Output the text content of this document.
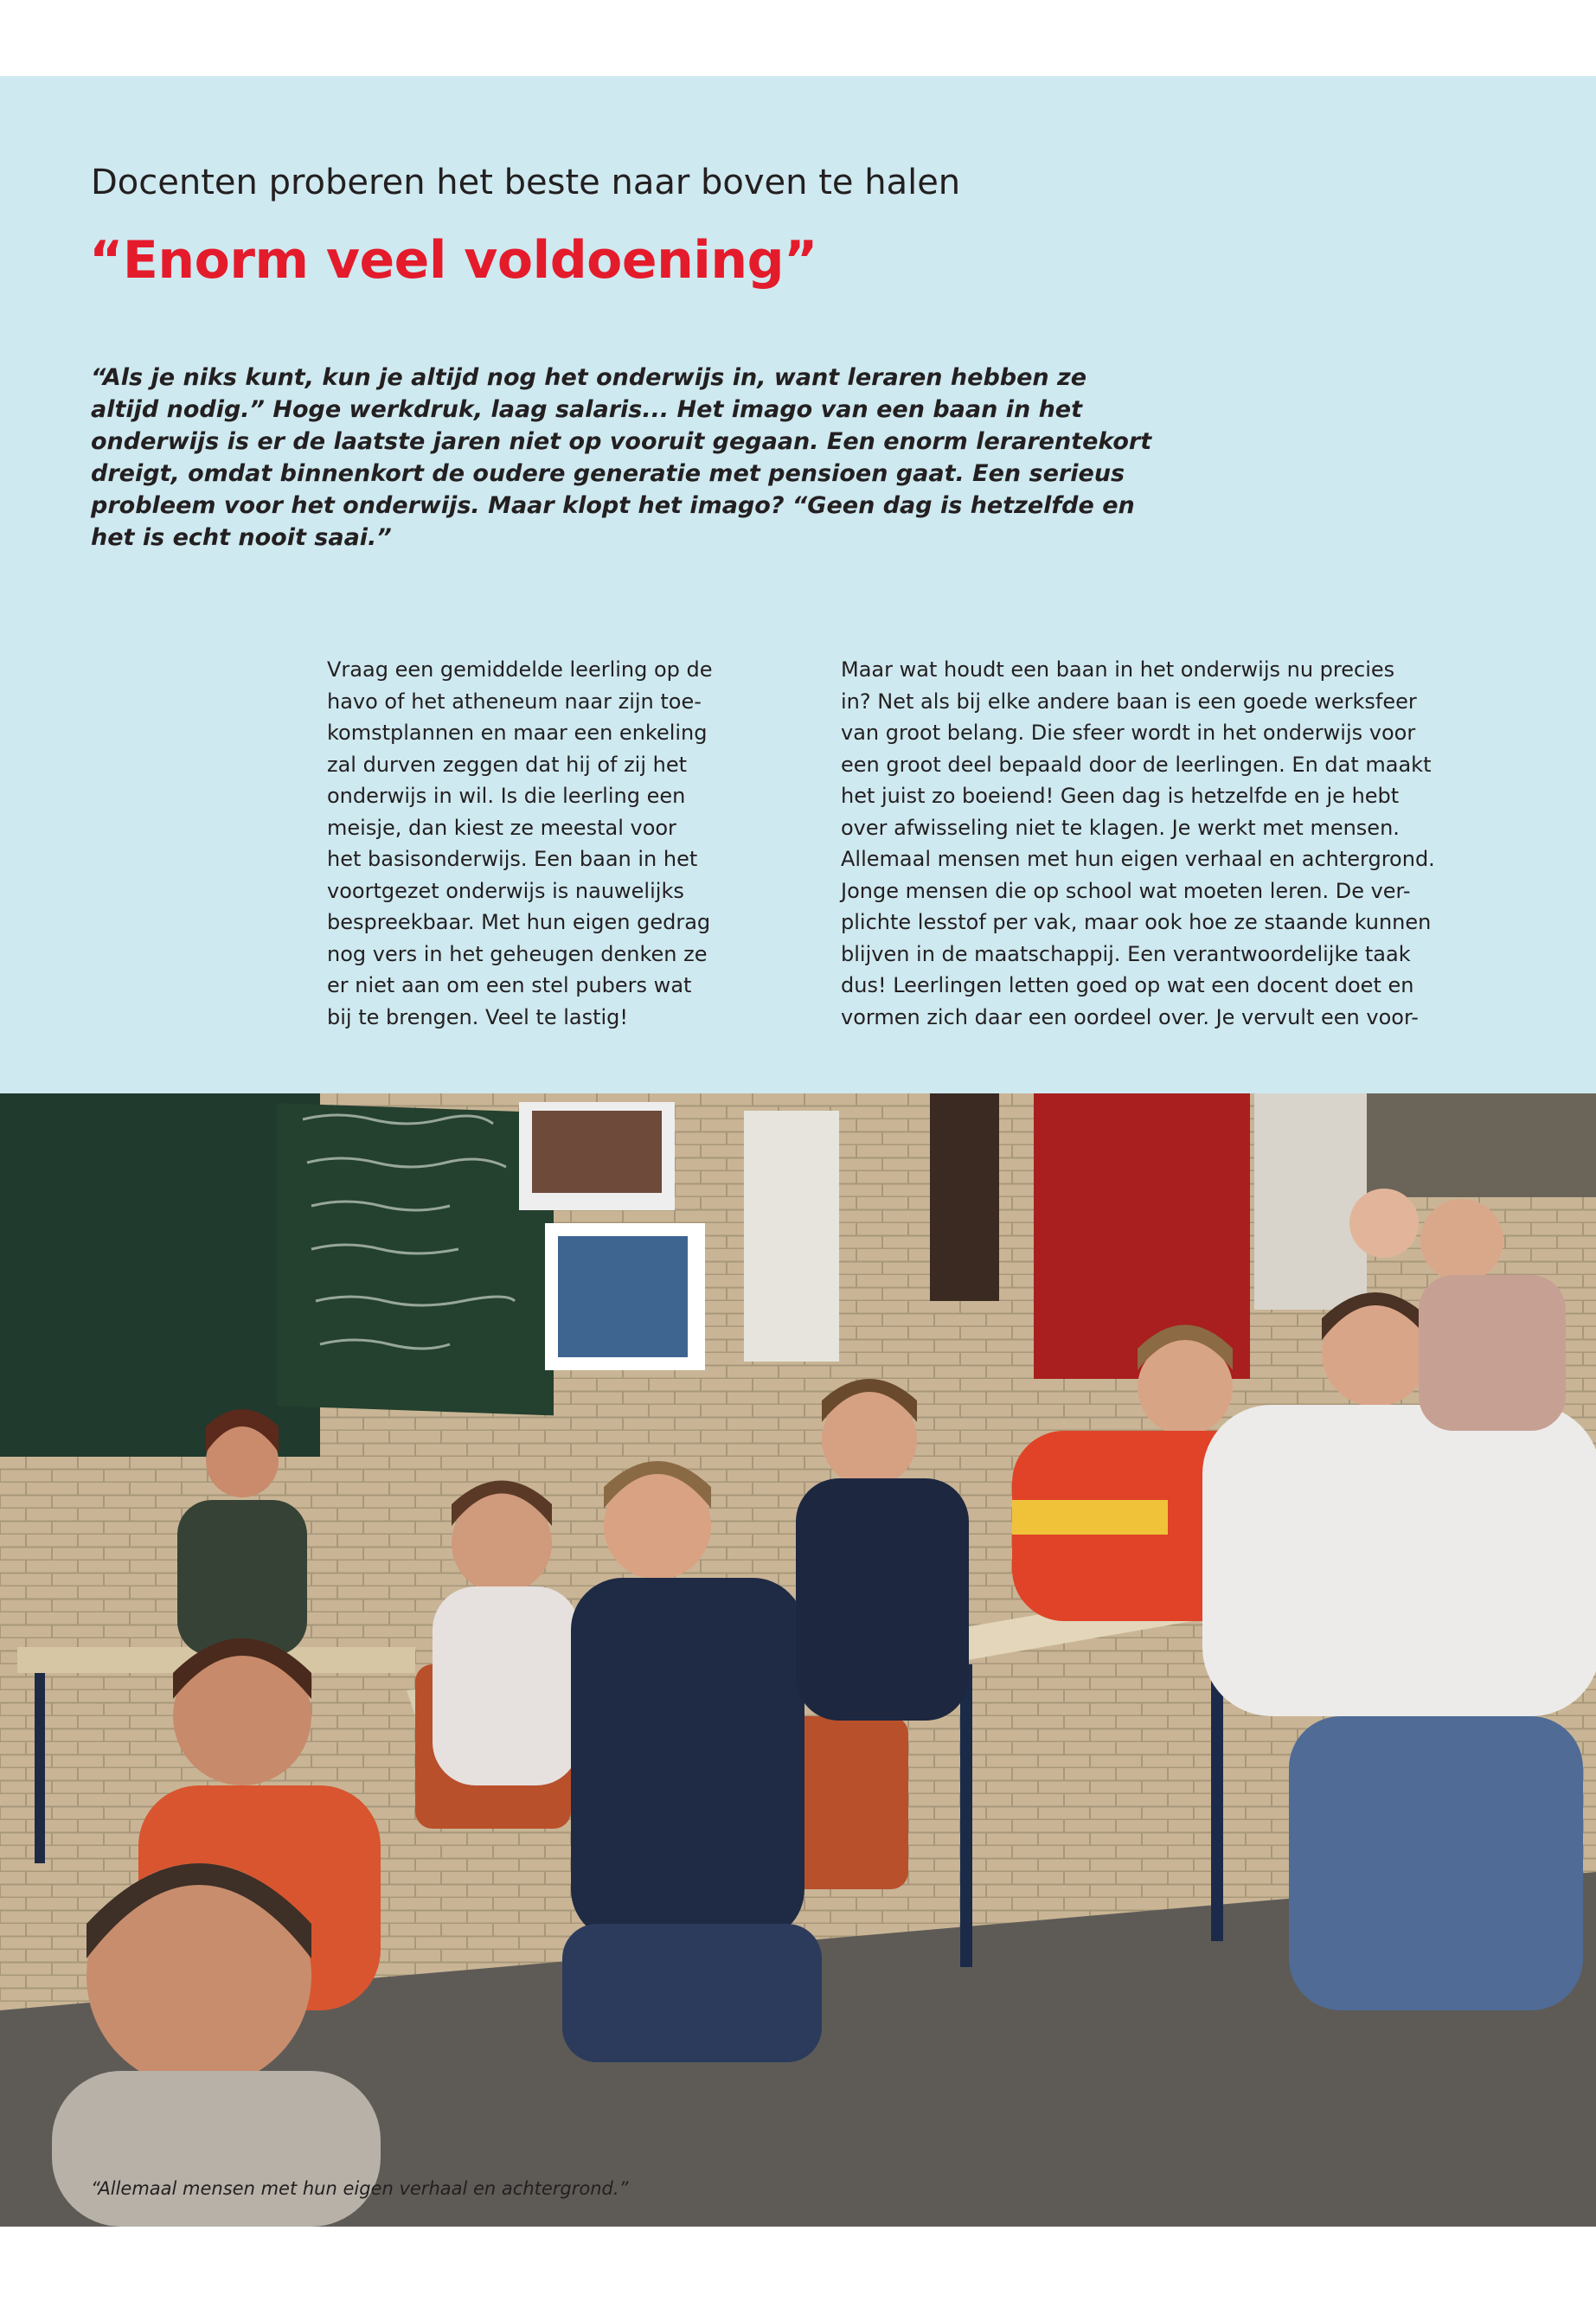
Docenten proberen het beste naar boven te halen
“Enorm veel voldoening”

“Als je niks kunt, kun je altijd nog het onderwijs in, want leraren hebben ze altijd nodig.” Hoge werkdruk, laag salaris... Het imago van een baan in het onderwijs is er de laatste jaren niet op vooruit gegaan. Een enorm lerarentekort dreigt, omdat binnenkort de oudere generatie met pensioen gaat. Een serieus probleem voor het onderwijs. Maar klopt het imago? “Geen dag is hetzelfde en het is echt nooit saai.”

Vraag een gemiddelde leerling op de
havo of het atheneum naar zijn toe-
komstplannen en maar een enkeling
zal durven zeggen dat hij of zij het
onderwijs in wil. Is die leerling een
meisje, dan kiest ze meestal voor
het basisonderwijs. Een baan in het
voortgezet onderwijs is nauwelijks
bespreekbaar. Met hun eigen gedrag
nog vers in het geheugen denken ze
er niet aan om een stel pubers wat
bij te brengen. Veel te lastig!
Maar wat houdt een baan in het onderwijs nu precies
in? Net als bij elke andere baan is een goede werksfeer
van groot belang. Die sfeer wordt in het onderwijs voor
een groot deel bepaald door de leerlingen. En dat maakt
het juist zo boeiend! Geen dag is hetzelfde en je hebt
over afwisseling niet te klagen. Je werkt met mensen.
Allemaal mensen met hun eigen verhaal en achtergrond.
Jonge mensen die op school wat moeten leren. De ver-
plichte lesstof per vak, maar ook hoe ze staande kunnen
blijven in de maatschappij. Een verantwoordelijke taak
dus! Leerlingen letten goed op wat een docent doet en
vormen zich daar een oordeel over. Je vervult een voor-

“Allemaal mensen met hun eigen verhaal en achtergrond.”
